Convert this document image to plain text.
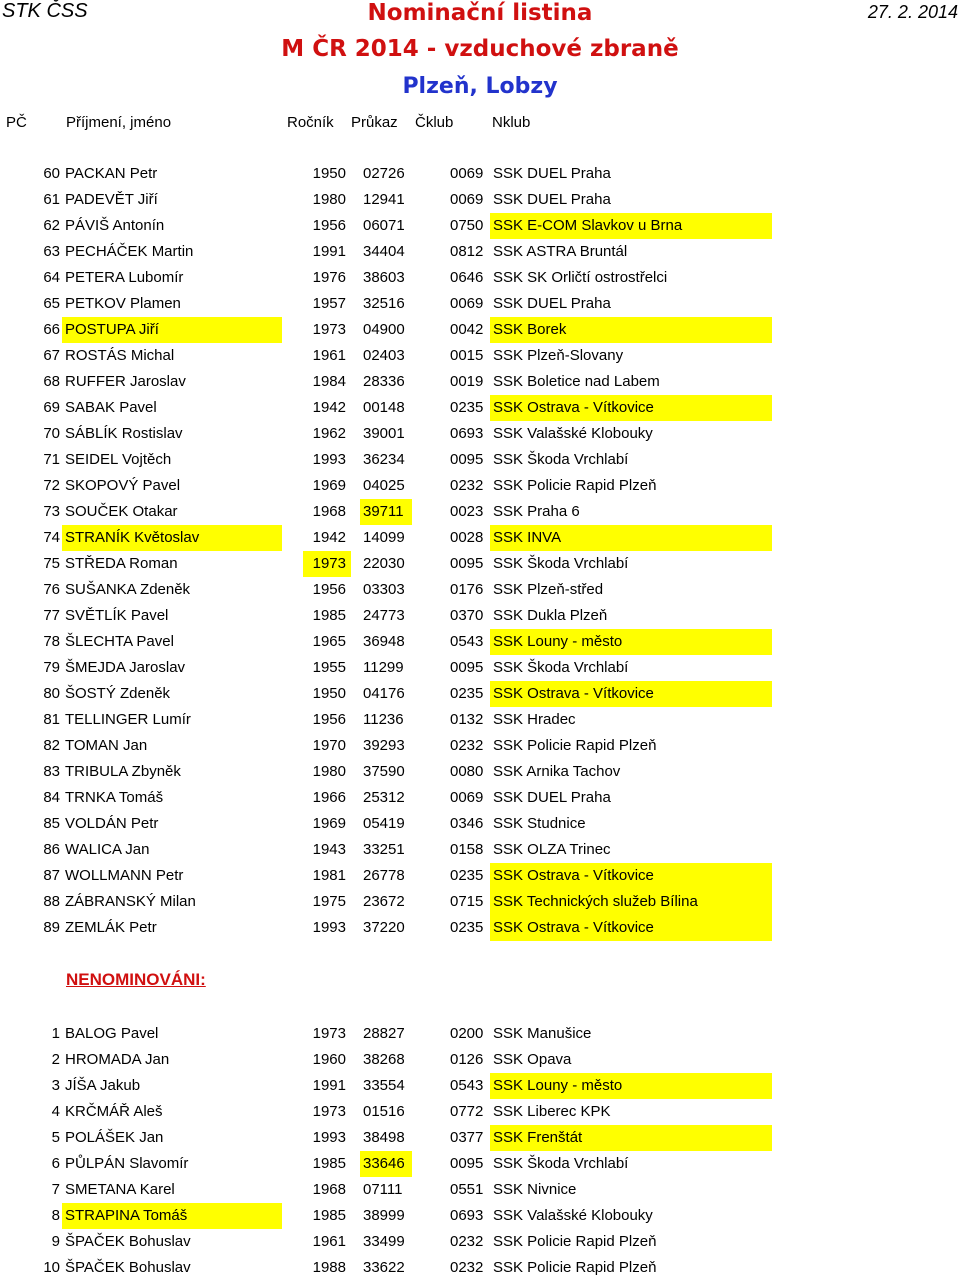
STK ČSS	27. 2. 2014
Nominační listina
M ČR 2014 - vzduchové zbraně
Plzeň, Lobzy
PČ	Příjmení, jméno	Ročník Průkaz Čklub	Nklub
60 PACKAN Petr	1950 02726	0069 SSK DUEL Praha
61 PADEVĚT Jiří	1980 12941	0069 SSK DUEL Praha
62 PÁVIŠ Antonín	1956 06071	0750 SSK E-COM Slavkov u Brna
63 PECHÁČEK Martin	1991 34404	0812 SSK ASTRA Bruntál
64 PETERA Lubomír	1976 38603	0646 SSK SK Orličtí ostrostřelci
65 PETKOV Plamen	1957 32516	0069 SSK DUEL Praha
66 POSTUPA Jiří	1973 04900	0042 SSK Borek
67 ROSTÁS Michal	1961 02403	0015 SSK Plzeň-Slovany
68 RUFFER Jaroslav	1984 28336	0019 SSK Boletice nad Labem
69 SABAK Pavel	1942 00148	0235 SSK Ostrava - Vítkovice
70 SÁBLÍK Rostislav	1962 39001	0693 SSK Valašské Klobouky
71 SEIDEL Vojtěch	1993 36234	0095 SSK Škoda Vrchlabí
72 SKOPOVÝ Pavel	1969 04025	0232 SSK Policie Rapid Plzeň
73 SOUČEK Otakar	1968 39711	0023 SSK Praha 6
74 STRANÍK Květoslav	1942 14099	0028 SSK INVA
75 STŘEDA Roman	1973 22030	0095 SSK Škoda Vrchlabí
76 SUŠANKA Zdeněk	1956 03303	0176 SSK Plzeň-střed
77 SVĚTLÍK Pavel	1985 24773	0370 SSK Dukla Plzeň
78 ŠLECHTA Pavel	1965 36948	0543 SSK Louny - město
79 ŠMEJDA Jaroslav	1955 11299	0095 SSK Škoda Vrchlabí
80 ŠOSTÝ Zdeněk	1950 04176	0235 SSK Ostrava - Vítkovice
81 TELLINGER Lumír	1956 11236	0132 SSK Hradec
82 TOMAN Jan	1970 39293	0232 SSK Policie Rapid Plzeň
83 TRIBULA Zbyněk	1980 37590	0080 SSK Arnika Tachov
84 TRNKA Tomáš	1966 25312	0069 SSK DUEL Praha
85 VOLDÁN Petr	1969 05419	0346 SSK Studnice
86 WALICA Jan	1943 33251	0158 SSK OLZA Trinec
87 WOLLMANN Petr	1981 26778	0235 SSK Ostrava - Vítkovice
88 ZÁBRANSKÝ Milan	1975 23672	0715 SSK Technických služeb Bílina
89 ZEMLÁK Petr	1993 37220	0235 SSK Ostrava - Vítkovice
NENOMINOVÁNI:
1 BALOG Pavel	1973 28827	0200 SSK Manušice
2 HROMADA Jan	1960 38268	0126 SSK Opava
3 JÍŠA Jakub	1991 33554	0543 SSK Louny - město
4 KRČMÁŘ Aleš	1973 01516	0772 SSK Liberec KPK
5 POLÁŠEK Jan	1993 38498	0377 SSK Frenštát
6 PŮLPÁN Slavomír	1985 33646	0095 SSK Škoda Vrchlabí
7 SMETANA Karel	1968 07111	0551 SSK Nivnice
8 STRAPINA Tomáš	1985 38999	0693 SSK Valašské Klobouky
9 ŠPAČEK Bohuslav	1961 33499	0232 SSK Policie Rapid Plzeň
10 ŠPAČEK Bohuslav	1988 33622	0232 SSK Policie Rapid Plzeň
